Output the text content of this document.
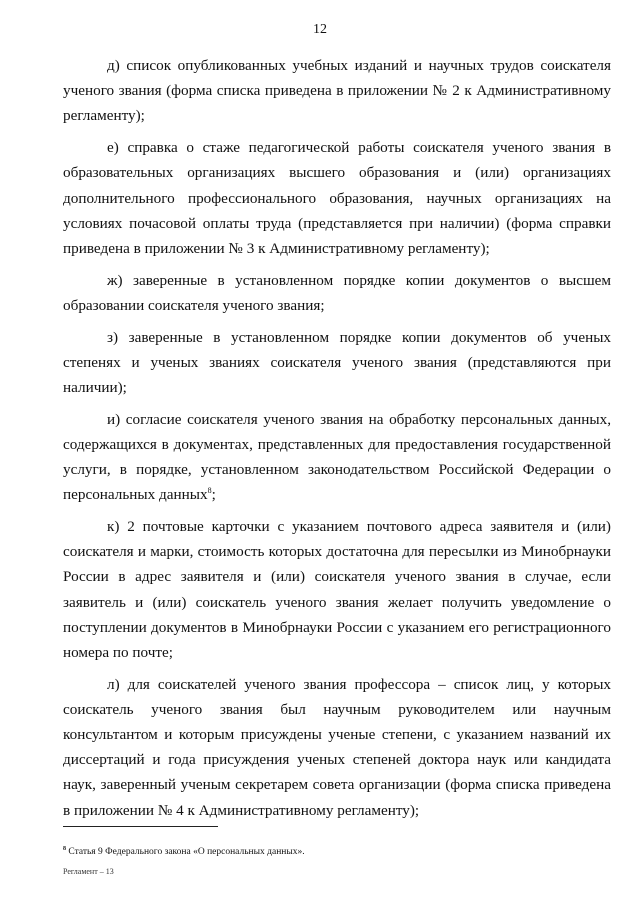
12

д) список опубликованных учебных изданий и научных трудов соискателя ученого звания (форма списка приведена в приложении № 2 к Административному регламенту);

е) справка о стаже педагогической работы соискателя ученого звания в образовательных организациях высшего образования и (или) организациях дополнительного профессионального образования, научных организациях на условиях почасовой оплаты труда (представляется при наличии) (форма справки приведена в приложении № 3 к Административному регламенту);

ж) заверенные в установленном порядке копии документов о высшем образовании соискателя ученого звания;

з) заверенные в установленном порядке копии документов об ученых степенях и ученых званиях соискателя ученого звания (представляются при наличии);

и) согласие соискателя ученого звания на обработку персональных данных, содержащихся в документах, представленных для предоставления государственной услуги, в порядке, установленном законодательством Российской Федерации о персональных данных$^8$;

к) 2 почтовые карточки с указанием почтового адреса заявителя и (или) соискателя и марки, стоимость которых достаточна для пересылки из Минобрнауки России в адрес заявителя и (или) соискателя ученого звания в случае, если заявитель и (или) соискатель ученого звания желает получить уведомление о поступлении документов в Минобрнауки России с указанием его регистрационного номера по почте;

л) для соискателей ученого звания профессора – список лиц, у которых соискатель ученого звания был научным руководителем или научным консультантом и которым присуждены ученые степени, с указанием названий их диссертаций и года присуждения ученых степеней доктора наук или кандидата наук, заверенный ученым секретарем совета организации (форма списка приведена в приложении № 4 к Административному регламенту);

$^8$ Статья 9 Федерального закона «О персональных данных».
Регламент – 13
